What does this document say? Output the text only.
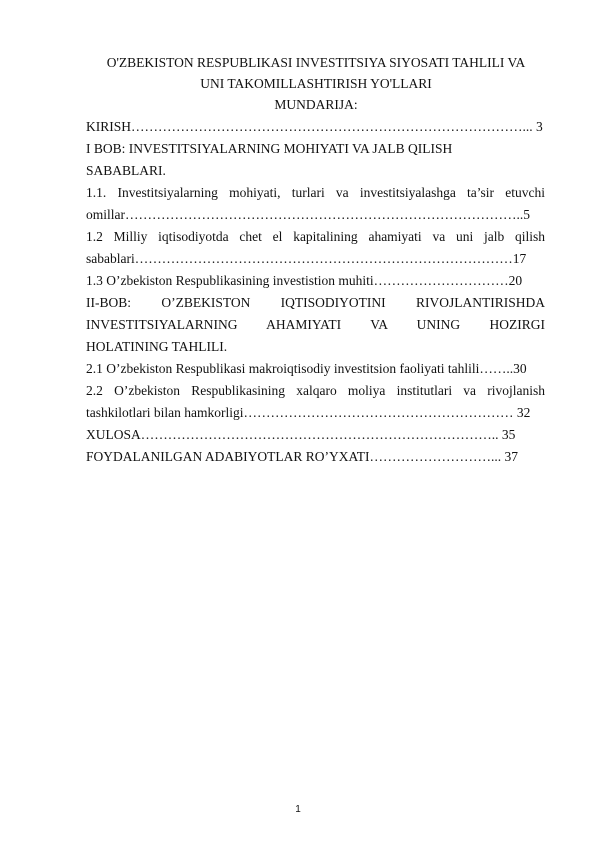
O'ZBEKISTON RESPUBLIKASI INVESTITSIYA SIYOSATI TAHLILI VA
UNI TAKOMILLASHTIRISH YO'LLARI
MUNDARIJA:
KIRISH……………………………………………………………………………... 3
I BOB: INVESTITSIYALARNING MOHIYATI VA JALB QILISH
SABABLARI.
1.1. Investitsiyalarning mohiyati, turlari va investitsiyalashga ta’sir etuvchi
omillar……………………………………………………………………………..5
1.2 Milliy iqtisodiyotda chet el kapitalining ahamiyati va uni jalb qilish
sabablari…………………………………………………………………………17
1.3 O’zbekiston Respublikasining investistion muhiti…………………………20
II-BOB: O’ZBEKISTON IQTISODIYOTINI RIVOJLANTIRISHDA
INVESTITSIYALARNING AHAMIYATI VA UNING HOZIRGI
HOLATINING TAHLILI.
2.1 O’zbekiston Respublikasi makroiqtisodiy investitsion faoliyati tahlili……..30
2.2 O’zbekiston Respublikasining xalqaro moliya institutlari va rivojlanish
tashkilotlari bilan hamkorligi…………………………………………………… 32
XULOSA…………………………………………………………………….. 35
FOYDALANILGAN ADABIYOTLAR RO’YXATI………………………... 37
1
